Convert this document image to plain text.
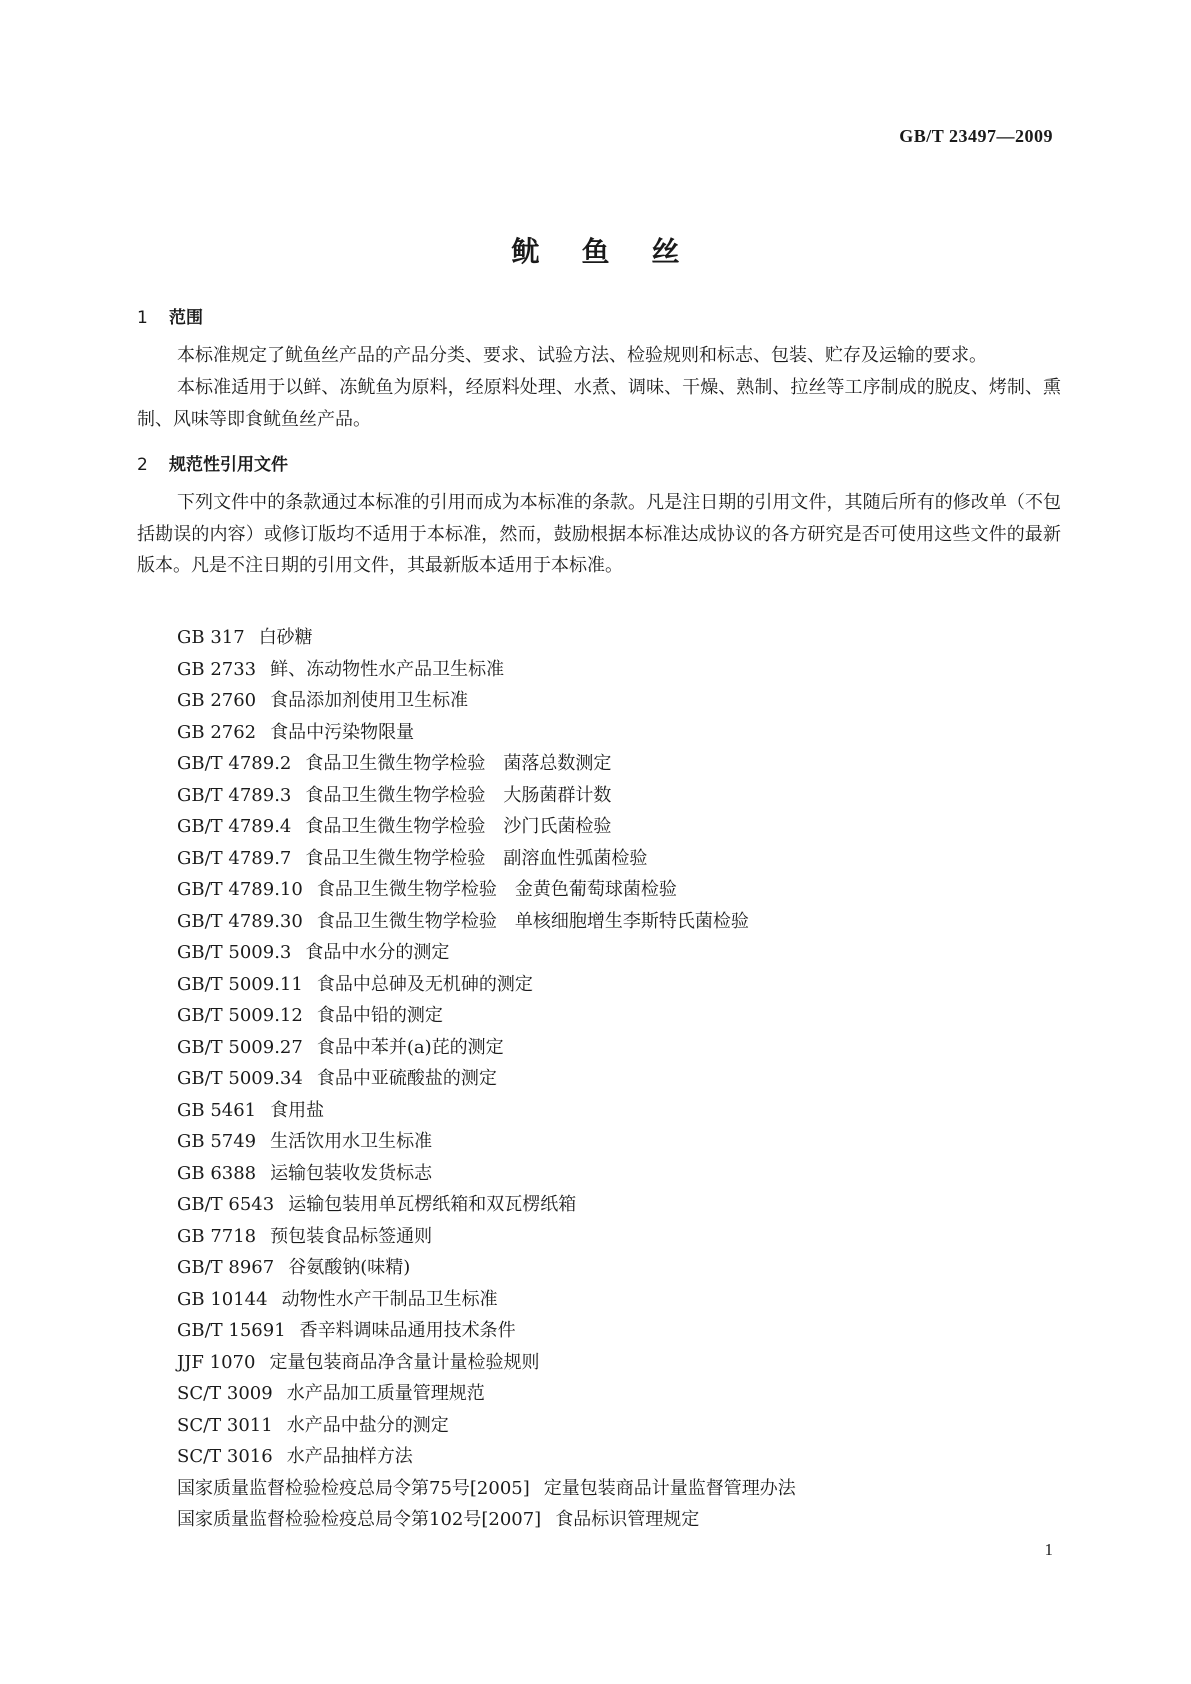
GB/T 23497—2009
鱿鱼丝
1 范围

本标准规定了鱿鱼丝产品的产品分类、要求、试验方法、检验规则和标志、包装、贮存及运输的要求。

本标准适用于以鲜、冻鱿鱼为原料，经原料处理、水煮、调味、干燥、熟制、拉丝等工序制成的脱皮、烤制、熏制、风味等即食鱿鱼丝产品。

2 规范性引用文件

下列文件中的条款通过本标准的引用而成为本标准的条款。凡是注日期的引用文件，其随后所有的修改单（不包括勘误的内容）或修订版均不适用于本标准，然而，鼓励根据本标准达成协议的各方研究是否可使用这些文件的最新版本。凡是不注日期的引用文件，其最新版本适用于本标准。

GB 317 白砂糖
GB 2733 鲜、冻动物性水产品卫生标准
GB 2760 食品添加剂使用卫生标准
GB 2762 食品中污染物限量
GB/T 4789.2 食品卫生微生物学检验　菌落总数测定
GB/T 4789.3 食品卫生微生物学检验　大肠菌群计数
GB/T 4789.4 食品卫生微生物学检验　沙门氏菌检验
GB/T 4789.7 食品卫生微生物学检验　副溶血性弧菌检验
GB/T 4789.10 食品卫生微生物学检验　金黄色葡萄球菌检验
GB/T 4789.30 食品卫生微生物学检验　单核细胞增生李斯特氏菌检验
GB/T 5009.3 食品中水分的测定
GB/T 5009.11 食品中总砷及无机砷的测定
GB/T 5009.12 食品中铅的测定
GB/T 5009.27 食品中苯并(a)芘的测定
GB/T 5009.34 食品中亚硫酸盐的测定
GB 5461 食用盐
GB 5749 生活饮用水卫生标准
GB 6388 运输包装收发货标志
GB/T 6543 运输包装用单瓦楞纸箱和双瓦楞纸箱
GB 7718 预包装食品标签通则
GB/T 8967 谷氨酸钠(味精)
GB 10144 动物性水产干制品卫生标准
GB/T 15691 香辛料调味品通用技术条件
JJF 1070 定量包装商品净含量计量检验规则
SC/T 3009 水产品加工质量管理规范
SC/T 3011 水产品中盐分的测定
SC/T 3016 水产品抽样方法
国家质量监督检验检疫总局令第75号[2005] 定量包装商品计量监督管理办法
国家质量监督检验检疫总局令第102号[2007] 食品标识管理规定
1
